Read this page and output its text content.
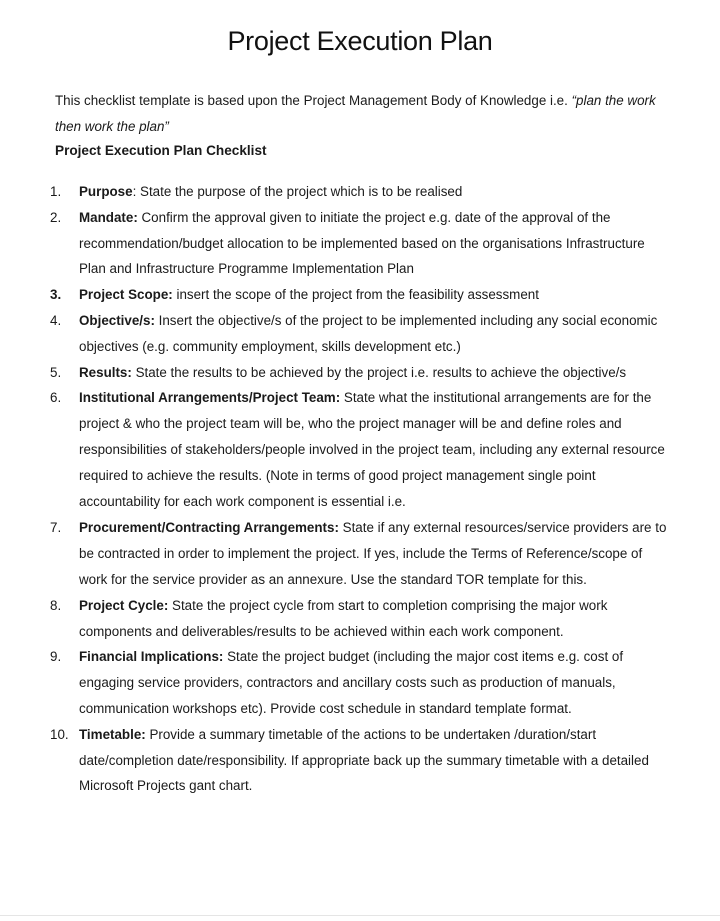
Project Execution Plan

This checklist template is based upon the Project Management Body of Knowledge i.e. “plan the work then work the plan”

Project Execution Plan Checklist
1.	Purpose: State the purpose of the project which is to be realised
2.	Mandate: Confirm the approval given to initiate the project e.g. date of the approval of the recommendation/budget allocation to be implemented based on the organisations Infrastructure Plan and Infrastructure Programme Implementation Plan
3.	Project Scope: insert the scope of the project from the feasibility assessment
4.	Objective/s: Insert the objective/s of the project to be implemented including any social economic objectives (e.g. community employment, skills development etc.)
5.	Results: State the results to be achieved by the project i.e. results to achieve the objective/s
6.	Institutional Arrangements/Project Team: State what the institutional arrangements are for the project & who the project team will be, who the project manager will be and define roles and responsibilities of stakeholders/people involved in the project team, including any external resource required to achieve the results. (Note in terms of good project management single point accountability for each work component is essential i.e.
7.	Procurement/Contracting Arrangements: State if any external resources/service providers are to be contracted in order to implement the project. If yes, include the Terms of Reference/scope of work for the service provider as an annexure. Use the standard TOR template for this.
8.	Project Cycle: State the project cycle from start to completion comprising the major work components and deliverables/results to be achieved within each work component.
9.	Financial Implications: State the project budget (including the major cost items e.g. cost of engaging service providers, contractors and ancillary costs such as production of manuals, communication workshops etc). Provide cost schedule in standard template format.
10. Timetable: Provide a summary timetable of the actions to be undertaken /duration/start date/completion date/responsibility. If appropriate back up the summary timetable with a detailed Microsoft Projects gant chart.
